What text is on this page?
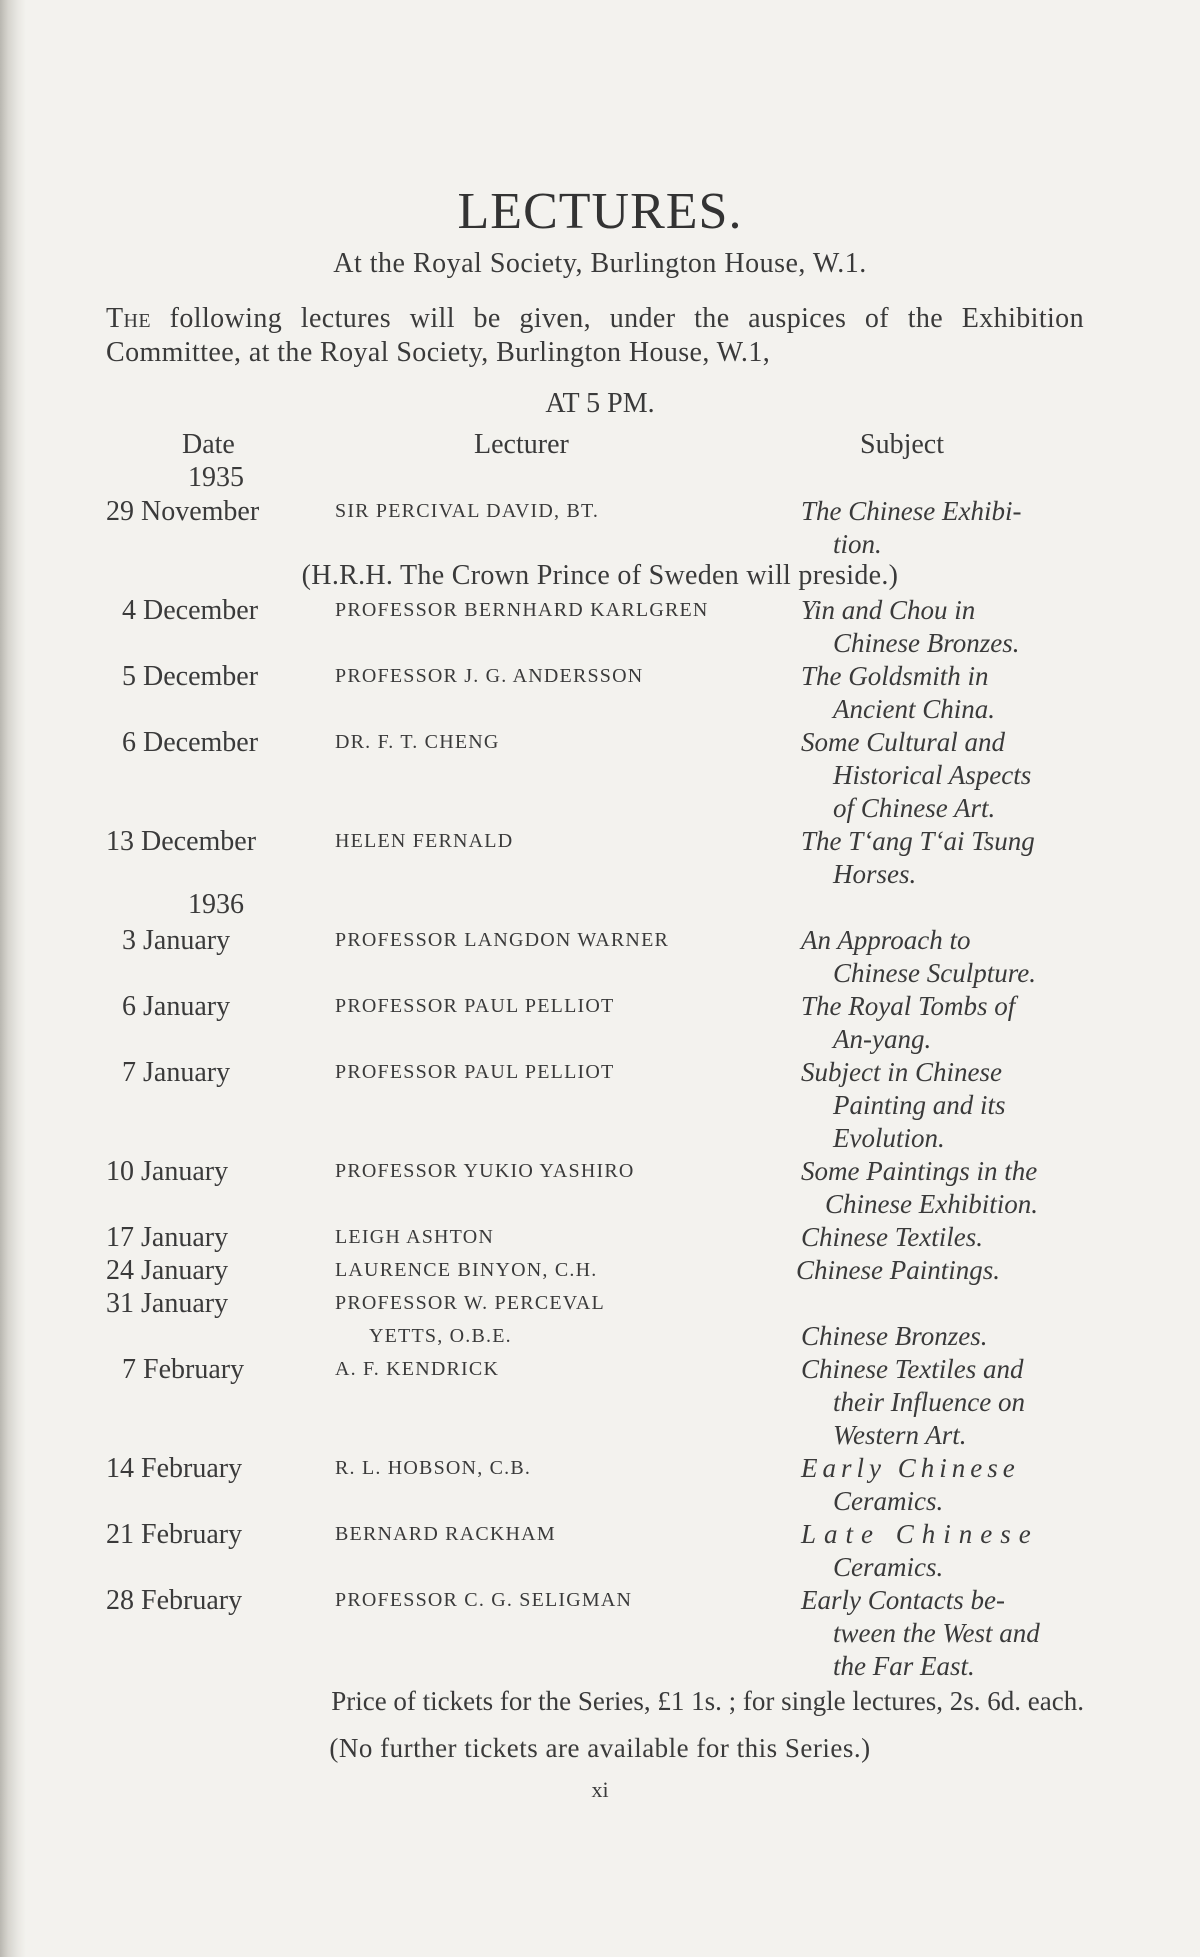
LECTURES.
At the Royal Society, Burlington House, W.1.
The following lectures will be given, under the auspices of the Exhibition Committee, at the Royal Society, Burlington House, W.1,
AT 5 PM.
Date	Lecturer	Subject
1935
29 November	SIR PERCIVAL DAVID, BT.	The Chinese Exhibi-
tion.
(H.R.H. The Crown Prince of Sweden will preside.)
4 December	PROFESSOR BERNHARD KARLGREN	Yin and Chou in
Chinese Bronzes.
5 December	PROFESSOR J. G. ANDERSSON	The Goldsmith in
Ancient China.
6 December	DR. F. T. CHENG	Some Cultural and
Historical Aspects
of Chinese Art.
13 December	HELEN FERNALD	The T‘ang T‘ai Tsung
Horses.
1936
3 January	PROFESSOR LANGDON WARNER	An Approach to
Chinese Sculpture.
6 January	PROFESSOR PAUL PELLIOT	The Royal Tombs of
An-yang.
7 January	PROFESSOR PAUL PELLIOT	Subject in Chinese
Painting and its
Evolution.
10 January	PROFESSOR YUKIO YASHIRO	Some Paintings in the
Chinese Exhibition.
17 January	LEIGH ASHTON	Chinese Textiles.
24 January	LAURENCE BINYON, C.H.	Chinese Paintings.
31 January	PROFESSOR W. PERCEVAL
YETTS, O.B.E.	Chinese Bronzes.
7 February	A. F. KENDRICK	Chinese Textiles and
their Influence on
Western Art.
14 February	R. L. HOBSON, C.B.	Early Chinese
Ceramics.
21 February	BERNARD RACKHAM	Late Chinese
Ceramics.
28 February	PROFESSOR C. G. SELIGMAN	Early Contacts be-
tween the West and
the Far East.
Price of tickets for the Series, £1 1s. ; for single lectures, 2s. 6d. each.
(No further tickets are available for this Series.)
xi
